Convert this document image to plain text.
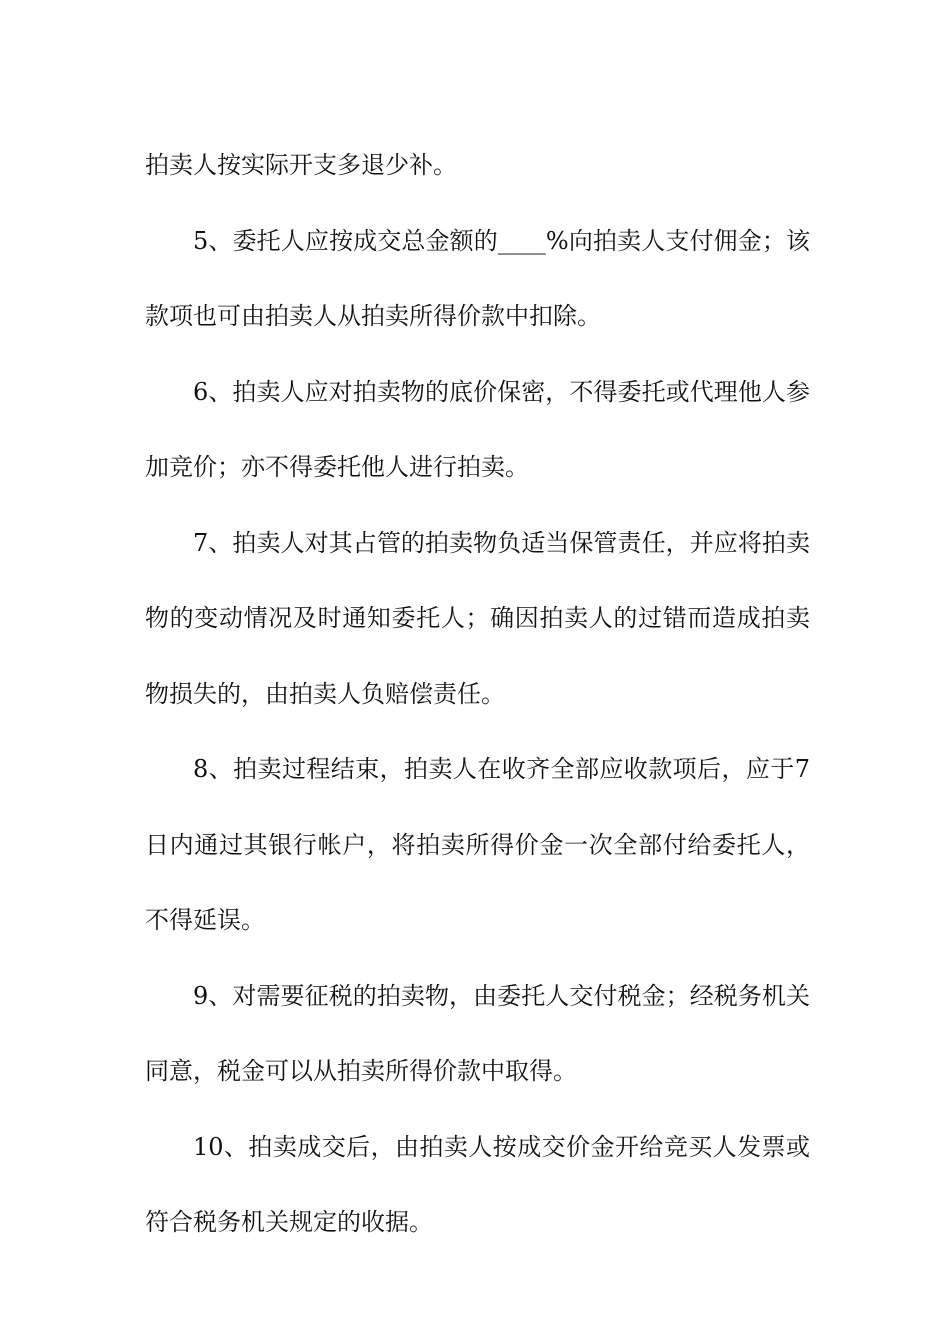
拍卖人按实际开支多退少补。

5、委托人应按成交总金额的____%向拍卖人支付佣金；该款项也可由拍卖人从拍卖所得价款中扣除。

6、拍卖人应对拍卖物的底价保密，不得委托或代理他人参加竞价；亦不得委托他人进行拍卖。

7、拍卖人对其占管的拍卖物负适当保管责任，并应将拍卖物的变动情况及时通知委托人；确因拍卖人的过错而造成拍卖物损失的，由拍卖人负赔偿责任。

8、拍卖过程结束，拍卖人在收齐全部应收款项后，应于7日内通过其银行帐户，将拍卖所得价金一次全部付给委托人，不得延误。

9、对需要征税的拍卖物，由委托人交付税金；经税务机关同意，税金可以从拍卖所得价款中取得。

10、拍卖成交后，由拍卖人按成交价金开给竞买人发票或符合税务机关规定的收据。
